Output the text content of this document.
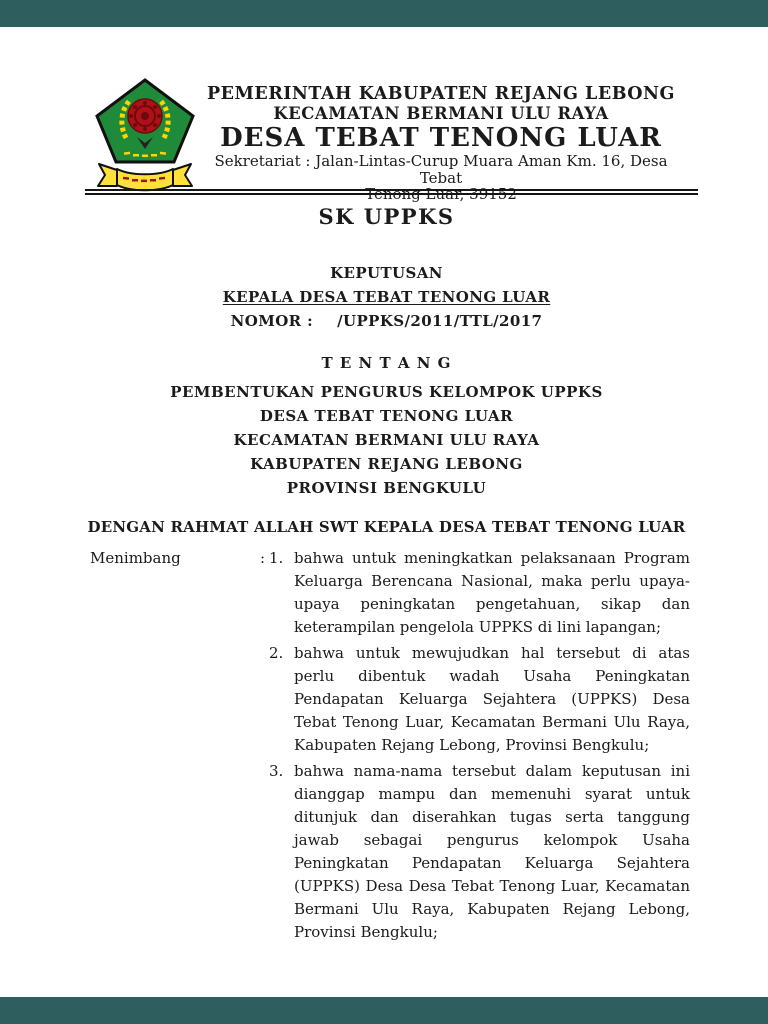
PEMERINTAH KABUPATEN REJANG LEBONG
KECAMATAN BERMANI ULU RAYA
DESA TEBAT TENONG LUAR
Sekretariat : Jalan-Lintas-Curup Muara Aman Km. 16, Desa Tebat
Tenong Luar, 39152
SK UPPKS
KEPUTUSAN
KEPALA DESA TEBAT TENONG LUAR
NOMOR : /UPPKS/2011/TTL/2017
T E N T A N G
PEMBENTUKAN PENGURUS KELOMPOK UPPKS
DESA TEBAT TENONG LUAR
KECAMATAN BERMANI ULU RAYA
KABUPATEN REJANG LEBONG
PROVINSI BENGKULU
DENGAN RAHMAT ALLAH SWT KEPALA DESA TEBAT TENONG LUAR
Menimbang	: 1. bahwa untuk meningkatkan pelaksanaan Program Keluarga Berencana Nasional, maka perlu upaya-upaya peningkatan pengetahuan, sikap dan keterampilan pengelola UPPKS di lini lapangan;
2. bahwa untuk mewujudkan hal tersebut di atas perlu dibentuk wadah Usaha Peningkatan Pendapatan Keluarga Sejahtera (UPPKS) Desa Tebat Tenong Luar, Kecamatan Bermani Ulu Raya, Kabupaten Rejang Lebong, Provinsi Bengkulu;
3. bahwa nama-nama tersebut dalam keputusan ini dianggap mampu dan memenuhi syarat untuk ditunjuk dan diserahkan tugas serta tanggung jawab sebagai pengurus kelompok Usaha Peningkatan Pendapatan Keluarga Sejahtera (UPPKS) Desa Desa Tebat Tenong Luar, Kecamatan Bermani Ulu Raya, Kabupaten Rejang Lebong, Provinsi Bengkulu;
